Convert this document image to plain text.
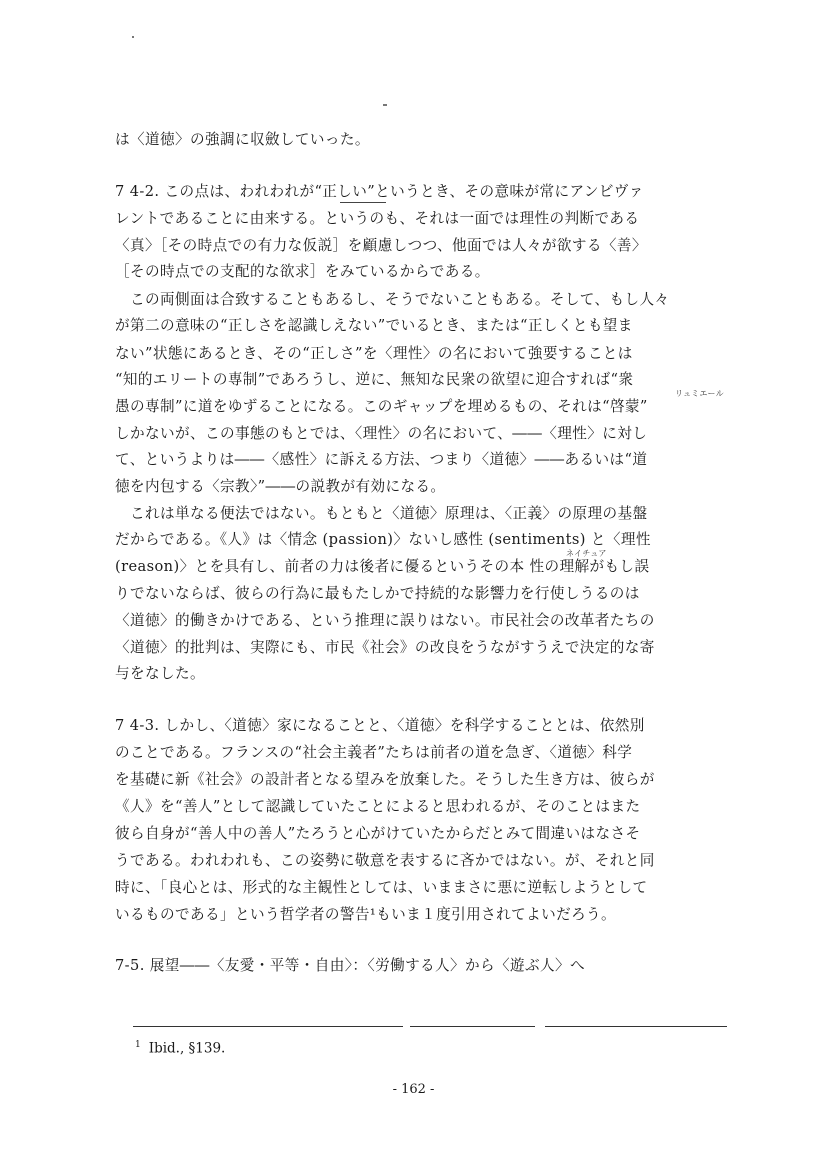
は〈道徳〉の強調に収斂していった。
7 4-2. この点は、われわれが“正しい”というとき、その意味が常にアンビヴァ
レントであることに由来する。というのも、それは一面では理性の判断である
〈真〉［その時点での有力な仮説］を顧慮しつつ、他面では人々が欲する〈善〉
［その時点での支配的な欲求］をみているからである。
　この両側面は合致することもあるし、そうでないこともある。そして、もし人々
が第二の意味の“正しさを認識しえない”でいるとき、または“正しくとも望ま
ない”状態にあるとき、その“正しさ”を〈理性〉の名において強要することは
“知的エリートの専制”であろうし、逆に、無知な民衆の欲望に迎合すれば“衆
リュミエール
愚の専制”に道をゆずることになる。このギャップを埋めるもの、それは“啓蒙”
しかないが、この事態のもとでは、〈理性〉の名において、――〈理性〉に対し
て、というよりは――〈感性〉に訴える方法、つまり〈道徳〉――あるいは“道
徳を内包する〈宗教〉”――の説教が有効になる。
　これは単なる便法ではない。もともと〈道徳〉原理は、〈正義〉の原理の基盤
だからである。《人》は〈情念 (passion)〉ないし感性 (sentiments) と〈理性
ネイチュア
(reason)〉とを具有し、前者の力は後者に優るというその本 性の理解がもし誤
りでないならば、彼らの行為に最もたしかで持続的な影響力を行使しうるのは
〈道徳〉的働きかけである、という推理に誤りはない。市民社会の改革者たちの
〈道徳〉的批判は、実際にも、市民《社会》の改良をうながすうえで決定的な寄
与をなした。
7 4-3. しかし、〈道徳〉家になることと、〈道徳〉を科学することとは、依然別
のことである。フランスの“社会主義者”たちは前者の道を急ぎ、〈道徳〉科学
を基礎に新《社会》の設計者となる望みを放棄した。そうした生き方は、彼らが
《人》を“善人”として認識していたことによると思われるが、そのことはまた
彼ら自身が“善人中の善人”たろうと心がけていたからだとみて間違いはなさそ
うである。われわれも、この姿勢に敬意を表するに吝かではない。が、それと同
時に、「良心とは、形式的な主観性としては、いままさに悪に逆転しようとして
いるものである」という哲学者の警告¹もいま１度引用されてよいだろう。
7-5. 展望――〈友愛・平等・自由〉：〈労働する人〉から〈遊ぶ人〉へ
$^1$ Ibid., §139.
- 162 -
